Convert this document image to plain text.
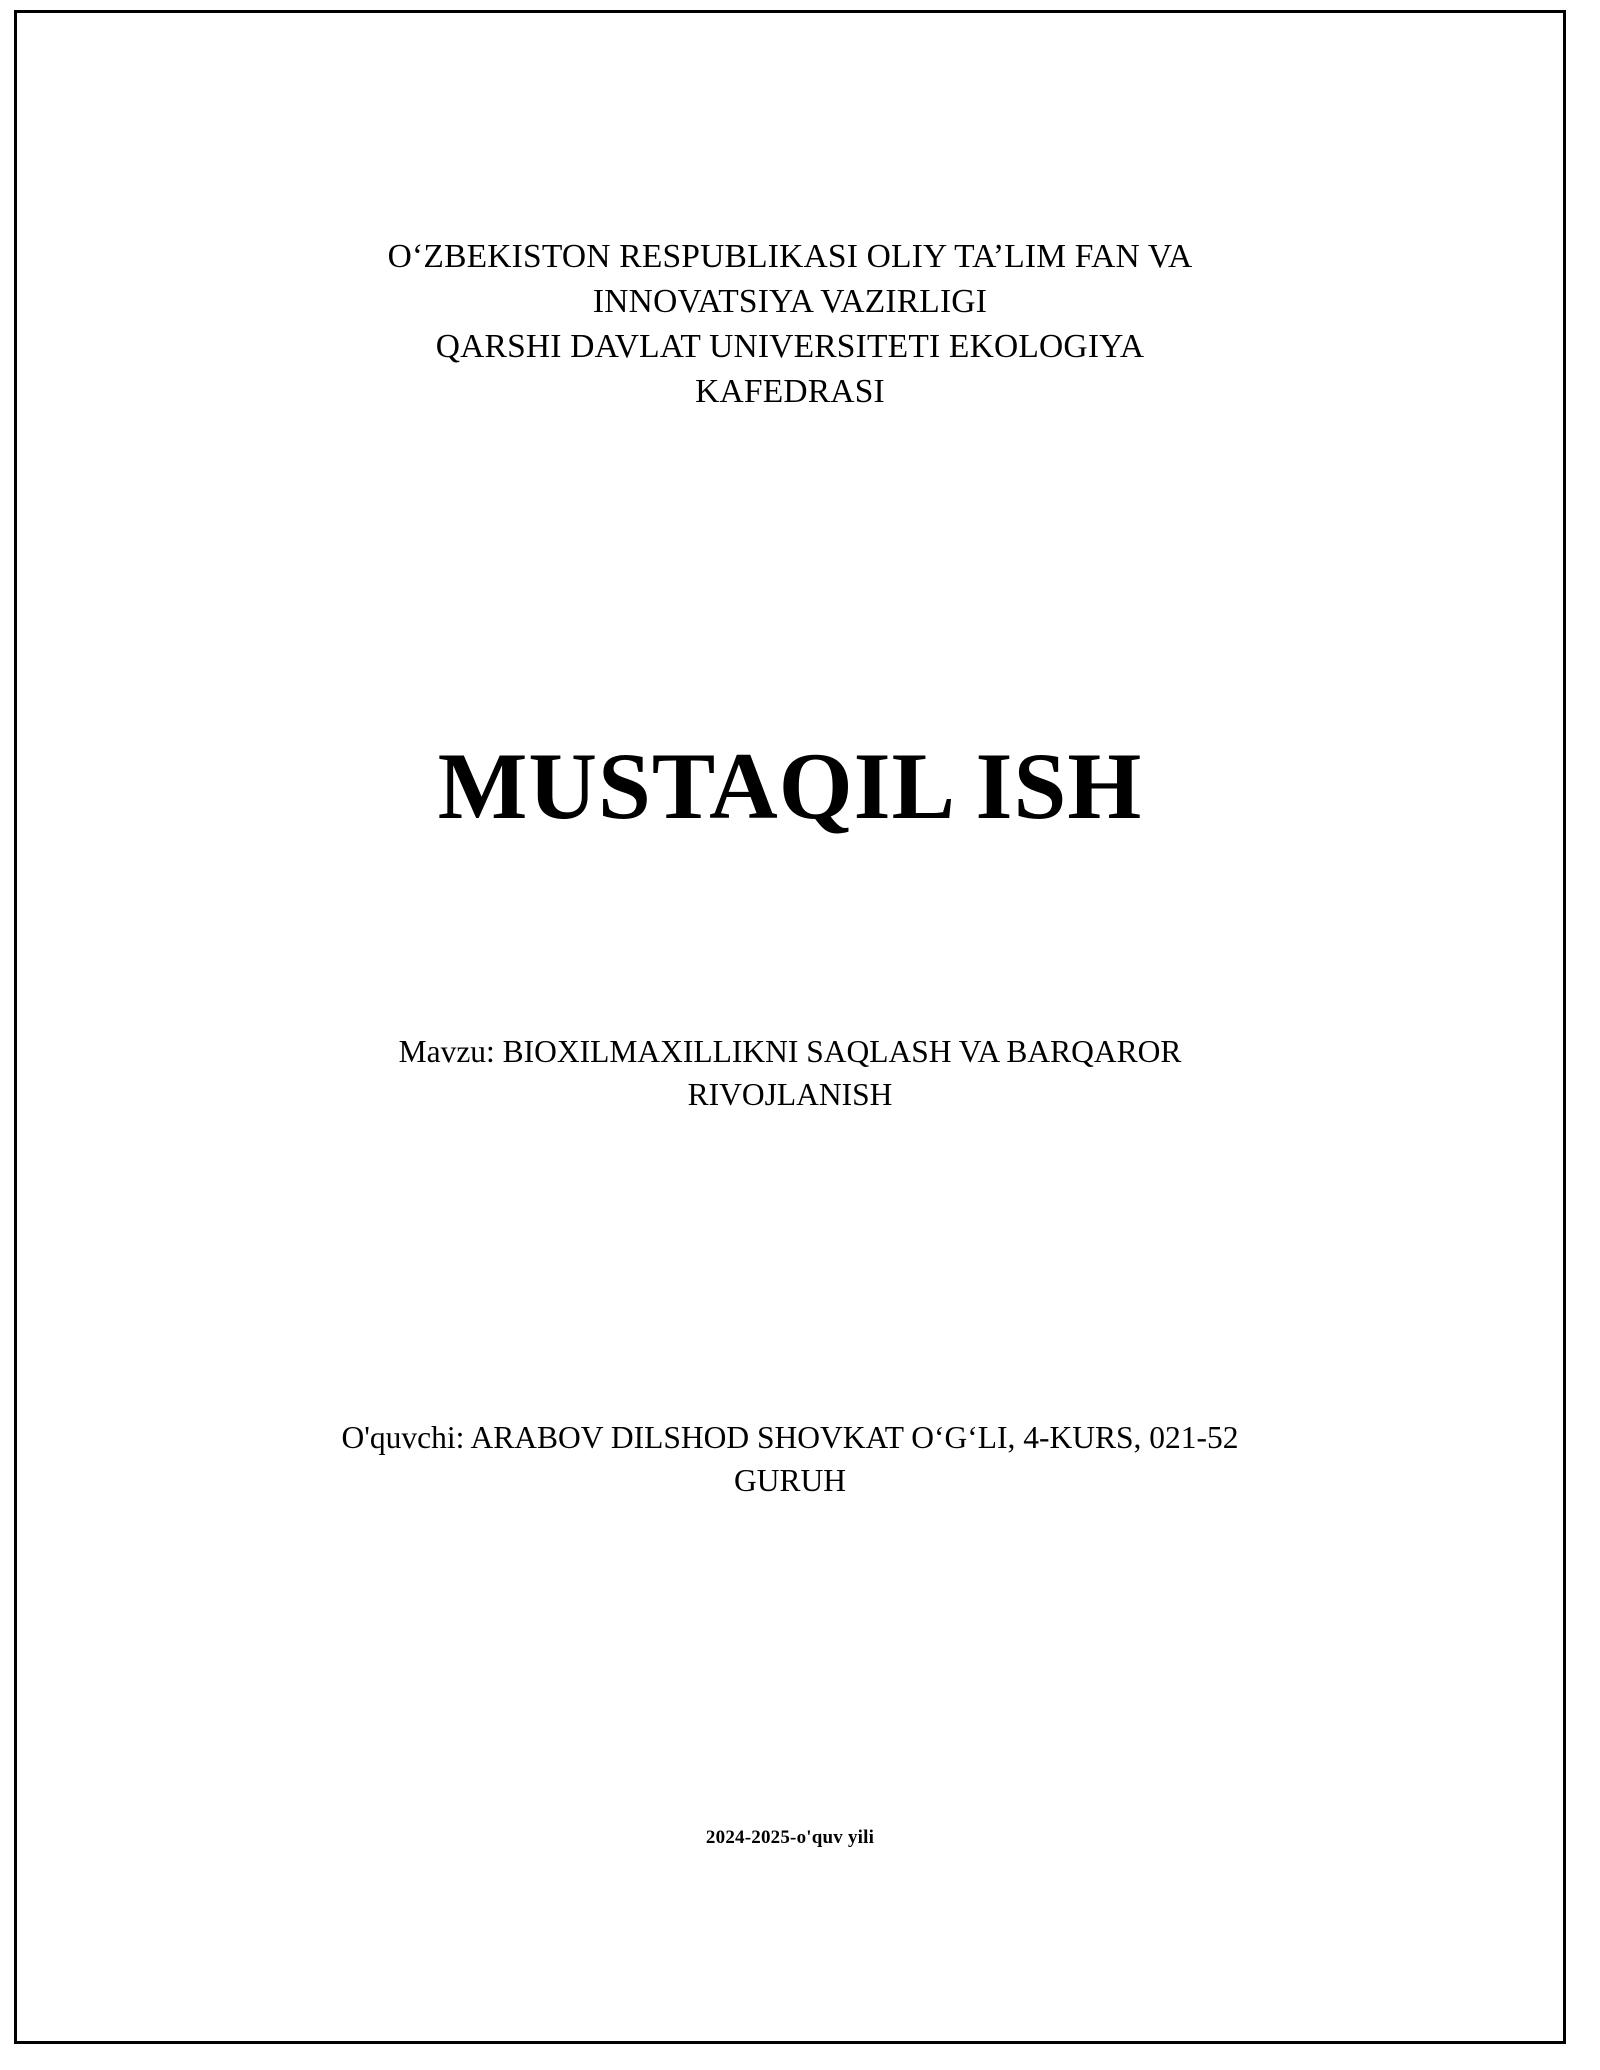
O‘ZBEKISTON RESPUBLIKASI OLIY TA’LIM FAN VA
INNOVATSIYA VAZIRLIGI
QARSHI DAVLAT UNIVERSITETI EKOLOGIYA
KAFEDRASI
MUSTAQIL ISH
Mavzu: BIOXILMAXILLIKNI SAQLASH VA BARQAROR
RIVOJLANISH
O'quvchi: ARABOV DILSHOD SHOVKAT O‘G‘LI, 4-KURS, 021-52
GURUH
2024-2025-o'quv yili
